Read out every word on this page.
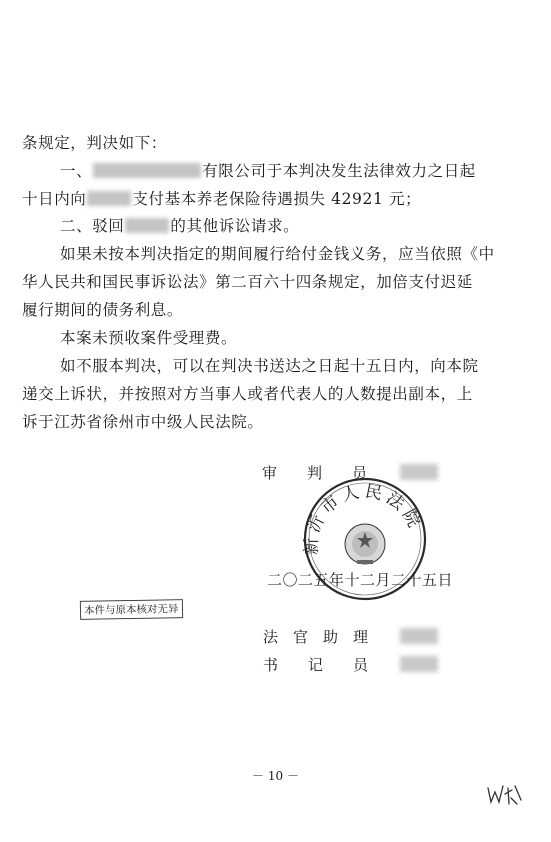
条规定，判决如下：
一、	有限公司于本判决发生法律效力之日起
十日内向	支付基本养老保险待遇损失 42921 元；
二、驳回	的其他诉讼请求。
如果未按本判决指定的期间履行给付金钱义务，应当依照《中
华人民共和国民事诉讼法》第二百六十四条规定，加倍支付迟延
履行期间的债务利息。
本案未预收案件受理费。
如不服本判决，可以在判决书送达之日起十五日内，向本院
递交上诉状，并按照对方当事人或者代表人的人数提出副本，上
诉于江苏省徐州市中级人民法院。
审　　判　　员
新沂市人民法院
二〇二五年十二月二十五日
本件与原本核对无异
法　官　助　理
书　　记　　员
－ 10 －
